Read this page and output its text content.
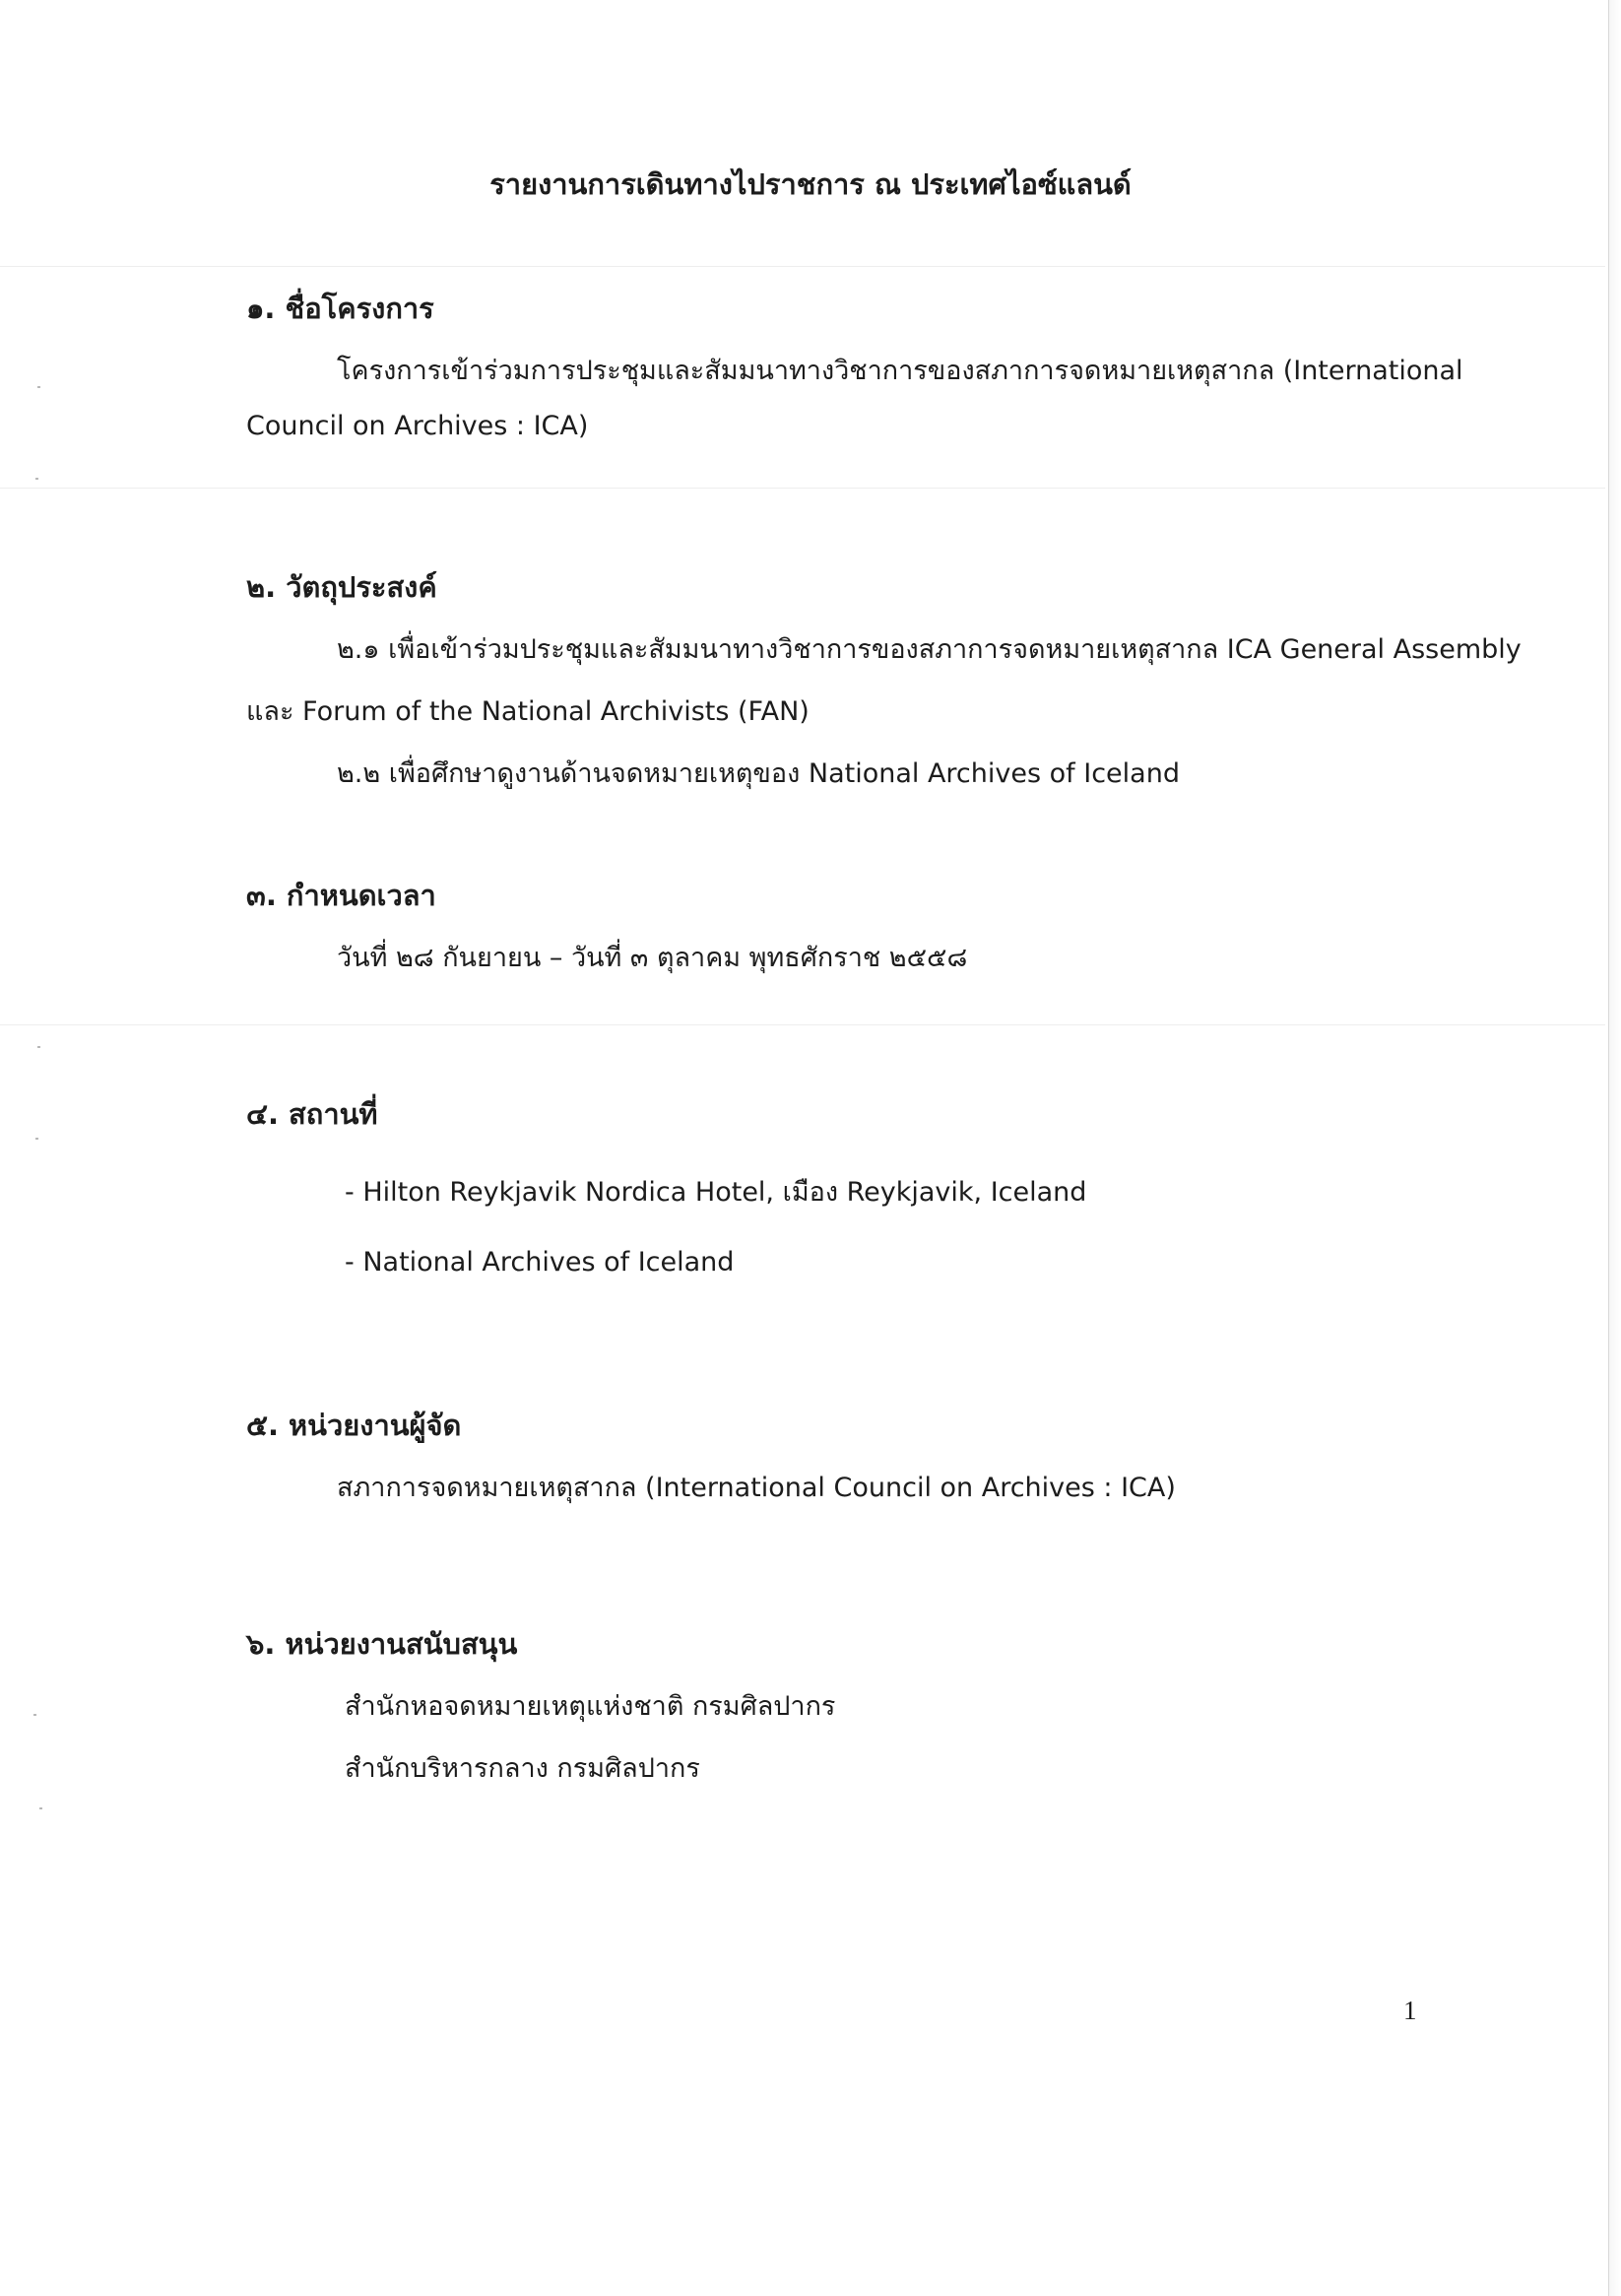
รายงานการเดินทางไปราชการ ณ ประเทศไอซ์แลนด์
๑. ชื่อโครงการ

โครงการเข้าร่วมการประชุมและสัมมนาทางวิชาการของสภาการจดหมายเหตุสากล (International

Council on Archives : ICA)

๒. วัตถุประสงค์

๒.๑ เพื่อเข้าร่วมประชุมและสัมมนาทางวิชาการของสภาการจดหมายเหตุสากล ICA General Assembly

และ Forum of the National Archivists (FAN)

๒.๒ เพื่อศึกษาดูงานด้านจดหมายเหตุของ National Archives of Iceland

๓. กำหนดเวลา

วันที่ ๒๘ กันยายน – วันที่ ๓ ตุลาคม พุทธศักราช ๒๕๕๘

๔. สถานที่

- Hilton Reykjavik Nordica Hotel, เมือง Reykjavik, Iceland

- National Archives of Iceland

๕. หน่วยงานผู้จัด

สภาการจดหมายเหตุสากล (International Council on Archives : ICA)

๖. หน่วยงานสนับสนุน

สำนักหอจดหมายเหตุแห่งชาติ กรมศิลปากร

สำนักบริหารกลาง กรมศิลปากร

1
